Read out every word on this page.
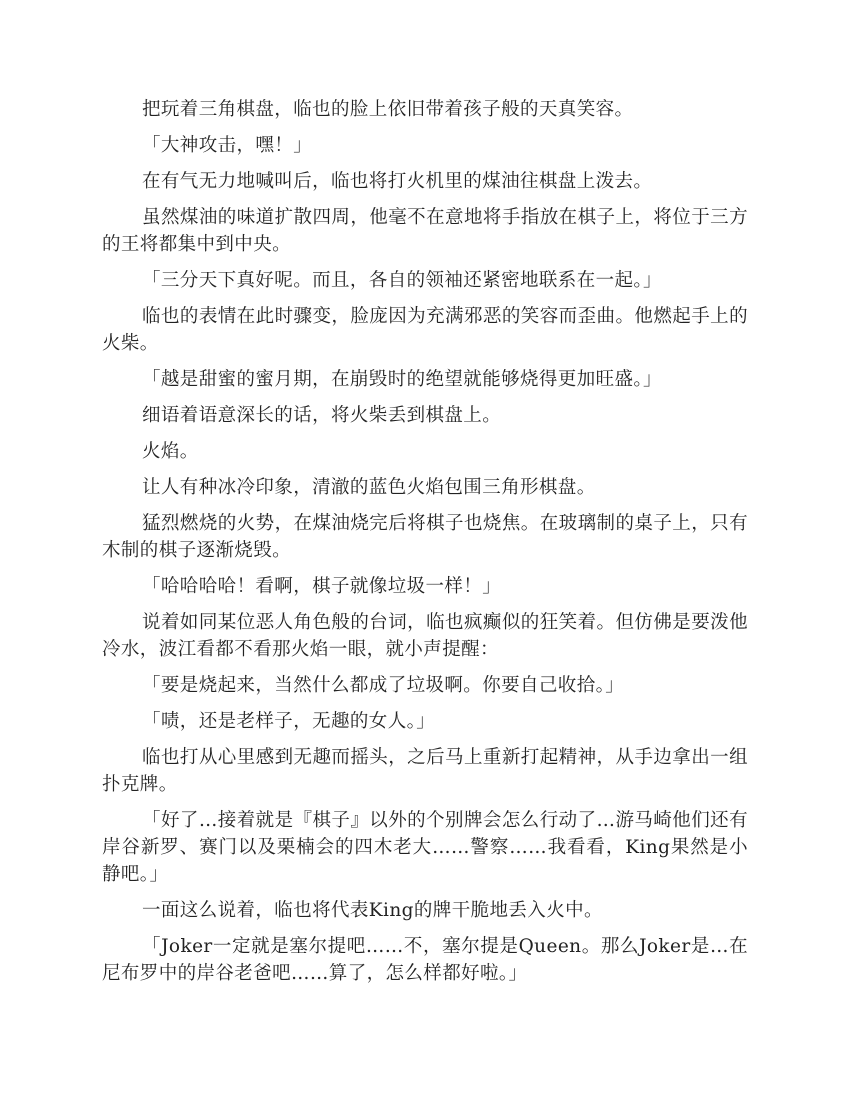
把玩着三角棋盘，临也的脸上依旧带着孩子般的天真笑容。

「大神攻击，嘿！」

在有气无力地喊叫后，临也将打火机里的煤油往棋盘上泼去。

虽然煤油的味道扩散四周，他毫不在意地将手指放在棋子上，将位于三方的王将都集中到中央。

「三分天下真好呢。而且，各自的领袖还紧密地联系在一起。」

临也的表情在此时骤变，脸庞因为充满邪恶的笑容而歪曲。他燃起手上的火柴。

「越是甜蜜的蜜月期，在崩毁时的绝望就能够烧得更加旺盛。」

细语着语意深长的话，将火柴丢到棋盘上。

火焰。

让人有种冰冷印象，清澈的蓝色火焰包围三角形棋盘。

猛烈燃烧的火势，在煤油烧完后将棋子也烧焦。在玻璃制的桌子上，只有木制的棋子逐渐烧毁。

「哈哈哈哈！看啊，棋子就像垃圾一样！」

说着如同某位恶人角色般的台词，临也疯癫似的狂笑着。但仿佛是要泼他冷水，波江看都不看那火焰一眼，就小声提醒：

「要是烧起来，当然什么都成了垃圾啊。你要自己收拾。」

「啧，还是老样子，无趣的女人。」

临也打从心里感到无趣而摇头，之后马上重新打起精神，从手边拿出一组扑克牌。

「好了…接着就是『棋子』以外的个别牌会怎么行动了…游马崎他们还有岸谷新罗、赛门以及栗楠会的四木老大……警察……我看看，King果然是小静吧。」

一面这么说着，临也将代表King的牌干脆地丢入火中。

「Joker一定就是塞尔提吧……不，塞尔提是Queen。那么Joker是…在尼布罗中的岸谷老爸吧……算了，怎么样都好啦。」
